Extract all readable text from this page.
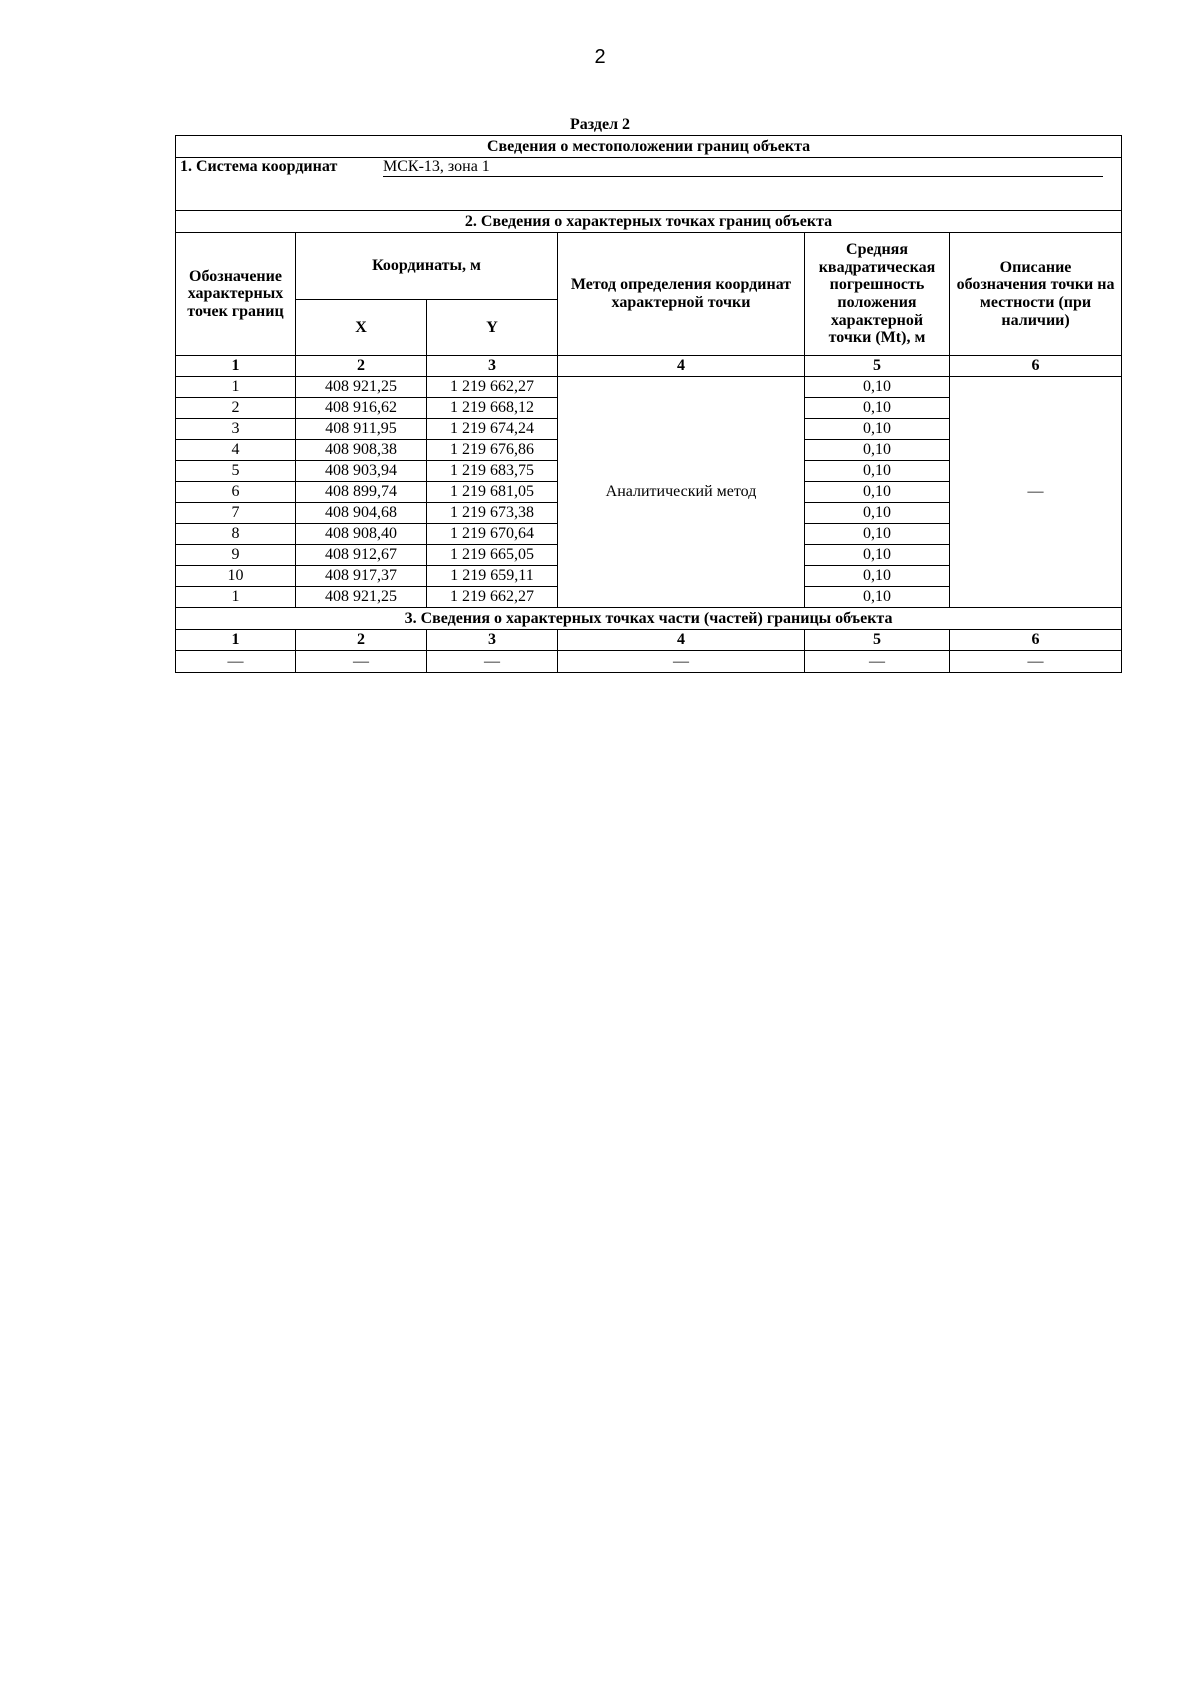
2
Раздел 2
Сведения о местоположении границ объекта					
1. Система координат МСК-13, зона 1					

2. Сведения о характерных точках границ объекта					
Обозначение характерных точек границ	Координаты, м		Метод определения координат характерной точки	Средняя квадратическая погрешность положения характерной точки (Mt), м	Описание обозначения точки на местности (при наличии)
	X	Y			
1	2	3	4	5	6
1	408 921,25	1 219 662,27	Аналитический метод	0,10	—
2	408 916,62	1 219 668,12		0,10	
3	408 911,95	1 219 674,24		0,10	
4	408 908,38	1 219 676,86		0,10	
5	408 903,94	1 219 683,75		0,10	
6	408 899,74	1 219 681,05		0,10	
7	408 904,68	1 219 673,38		0,10	
8	408 908,40	1 219 670,64		0,10	
9	408 912,67	1 219 665,05		0,10	
10	408 917,37	1 219 659,11		0,10	
1	408 921,25	1 219 662,27		0,10	
3. Сведения о характерных точках части (частей) границы объекта					
1	2	3	4	5	6
—	—	—	—	—	—
